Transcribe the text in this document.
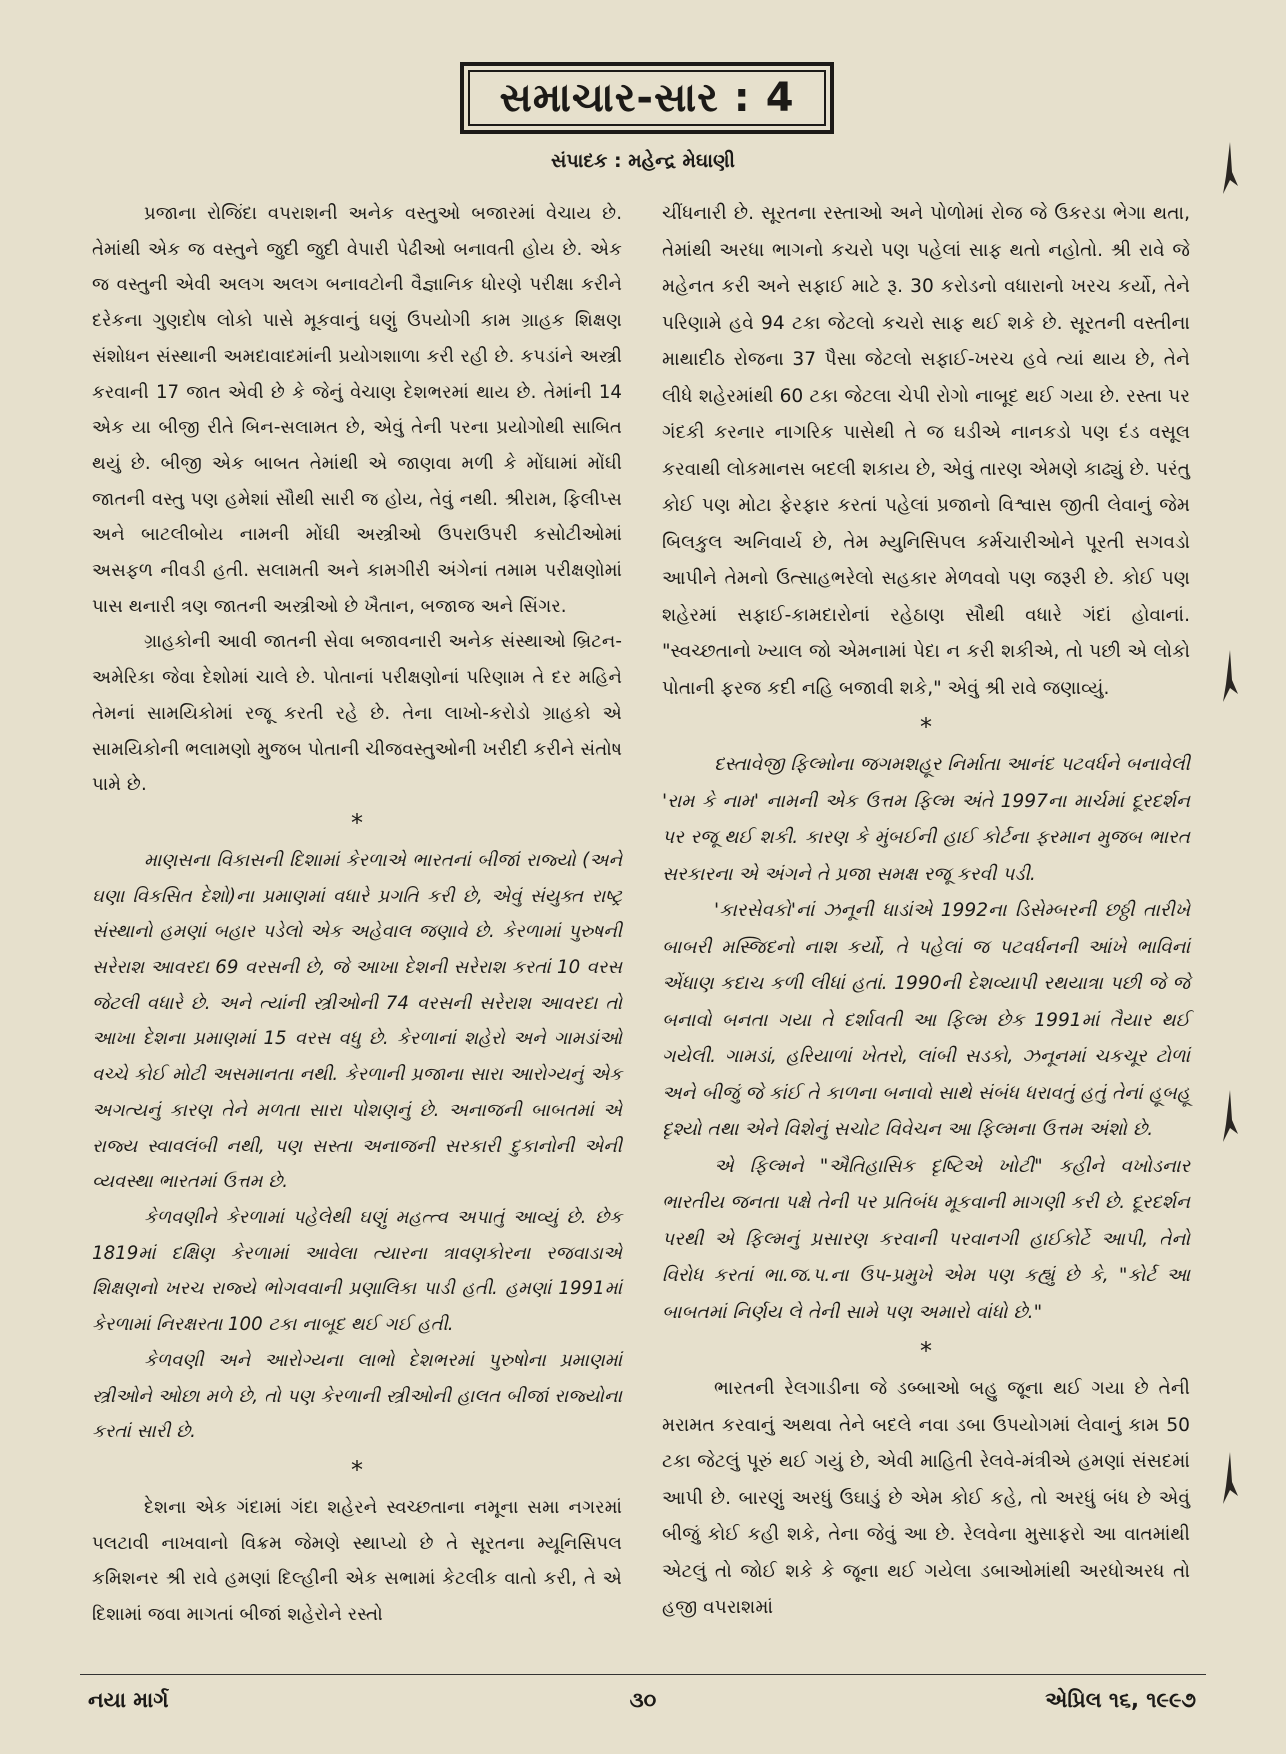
સમાચાર-સાર : 4
સંપાદક : મહેન્દ્ર મેઘાણી

પ્રજાના રોજિંદા વપરાશની અનેક વસ્તુઓ બજારમાં વેચાય છે. તેમાંથી એક જ વસ્તુને જુદી જુદી વેપારી પેઢીઓ બનાવતી હોય છે. એક જ વસ્તુની એવી અલગ અલગ બનાવટોની વૈજ્ઞાનિક ધોરણે પરીક્ષા કરીને દરેકના ગુણદોષ લોકો પાસે મૂકવાનું ઘણું ઉપયોગી કામ ગ્રાહક શિક્ષણ સંશોધન સંસ્થાની અમદાવાદમાંની પ્રયોગશાળા કરી રહી છે. કપડાંને અસ્ત્રી કરવાની 17 જાત એવી છે કે જેનું વેચાણ દેશભરમાં થાય છે. તેમાંની 14 એક યા બીજી રીતે બિન-સલામત છે, એવું તેની પરના પ્રયોગોથી સાબિત થયું છે. બીજી એક બાબત તેમાંથી એ જાણવા મળી કે મોંઘામાં મોંઘી જાતની વસ્તુ પણ હમેશાં સૌથી સારી જ હોય, તેવું નથી. શ્રીરામ, ફિલીપ્સ અને બાટલીબોય નામની મોંઘી અસ્ત્રીઓ ઉપરાઉપરી કસોટીઓમાં અસફળ નીવડી હતી. સલામતી અને કામગીરી અંગેનાં તમામ પરીક્ષણોમાં પાસ થનારી ત્રણ જાતની અસ્ત્રીઓ છે ખૈતાન, બજાજ અને સિંગર.

ગ્રાહકોની આવી જાતની સેવા બજાવનારી અનેક સંસ્થાઓ બ્રિટન-અમેરિકા જેવા દેશોમાં ચાલે છે. પોતાનાં પરીક્ષણોનાં પરિણામ તે દર મહિને તેમનાં સામયિકોમાં રજૂ કરતી રહે છે. તેના લાખો-કરોડો ગ્રાહકો એ સામયિકોની ભલામણો મુજબ પોતાની ચીજવસ્તુઓની ખરીદી કરીને સંતોષ પામે છે.

*

માણસના વિકાસની દિશામાં કેરળાએ ભારતનાં બીજાં રાજ્યો (અને ઘણા વિકસિત દેશો)ના પ્રમાણમાં વધારે પ્રગતિ કરી છે, એવું સંયુક્ત રાષ્ટ્ર સંસ્થાનો હમણાં બહાર પડેલો એક અહેવાલ જણાવે છે. કેરળામાં પુરુષની સરેરાશ આવરદા 69 વરસની છે, જે આખા દેશની સરેરાશ કરતાં 10 વરસ જેટલી વધારે છે. અને ત્યાંની સ્ત્રીઓની 74 વરસની સરેરાશ આવરદા તો આખા દેશના પ્રમાણમાં 15 વરસ વધુ છે. કેરળાનાં શહેરો અને ગામડાંઓ વચ્ચે કોઈ મોટી અસમાનતા નથી. કેરળાની પ્રજાના સારા આરોગ્યનું એક અગત્યનું કારણ તેને મળતા સારા પોશણનું છે. અનાજની બાબતમાં એ રાજ્ય સ્વાવલંબી નથી, પણ સસ્તા અનાજની સરકારી દુકાનોની એની વ્યવસ્થા ભારતમાં ઉત્તમ છે.

કેળવણીને કેરળામાં પહેલેથી ઘણું મહત્ત્વ અપાતું આવ્યું છે. છેક 1819માં દક્ષિણ કેરળામાં આવેલા ત્યારના ત્રાવણકોરના રજવાડાએ શિક્ષણનો ખરચ રાજ્યે ભોગવવાની પ્રણાલિકા પાડી હતી. હમણાં 1991માં કેરળામાં નિરક્ષરતા 100 ટકા નાબૂદ થઈ ગઈ હતી.

કેળવણી અને આરોગ્યના લાભો દેશભરમાં પુરુષોના પ્રમાણમાં સ્ત્રીઓને ઓછા મળે છે, તો પણ કેરળાની સ્ત્રીઓની હાલત બીજાં રાજ્યોના કરતાં સારી છે.

*

દેશના એક ગંદામાં ગંદા શહેરને સ્વચ્છતાના નમૂના સમા નગરમાં પલટાવી નાખવાનો વિક્રમ જેમણે સ્થાપ્યો છે તે સૂરતના મ્યૂનિસિપલ કમિશનર શ્રી રાવે હમણાં દિલ્હીની એક સભામાં કેટલીક વાતો કરી, તે એ દિશામાં જવા માગતાં બીજાં શહેરોને રસ્તો

ચીંધનારી છે. સૂરતના રસ્તાઓ અને પોળોમાં રોજ જે ઉકરડા ભેગા થતા, તેમાંથી અરધા ભાગનો કચરો પણ પહેલાં સાફ થતો નહોતો. શ્રી રાવે જે મહેનત કરી અને સફાઈ માટે રૂ. 30 કરોડનો વધારાનો ખરચ કર્યો, તેને પરિણામે હવે 94 ટકા જેટલો કચરો સાફ થઈ શકે છે. સૂરતની વસ્તીના માથાદીઠ રોજના 37 પૈસા જેટલો સફાઈ-ખરચ હવે ત્યાં થાય છે, તેને લીધે શહેરમાંથી 60 ટકા જેટલા ચેપી રોગો નાબૂદ થઈ ગયા છે. રસ્તા પર ગંદકી કરનાર નાગરિક પાસેથી તે જ ઘડીએ નાનકડો પણ દંડ વસૂલ કરવાથી લોકમાનસ બદલી શકાય છે, એવું તારણ એમણે કાઢ્યું છે. પરંતુ કોઈ પણ મોટા ફેરફાર કરતાં પહેલાં પ્રજાનો વિશ્વાસ જીતી લેવાનું જેમ બિલકુલ અનિવાર્ય છે, તેમ મ્યુનિસિપલ કર્મચારીઓને પૂરતી સગવડો આપીને તેમનો ઉત્સાહભરેલો સહકાર મેળવવો પણ જરૂરી છે. કોઈ પણ શહેરમાં સફાઈ-કામદારોનાં રહેઠાણ સૌથી વધારે ગંદાં હોવાનાં. "સ્વચ્છતાનો ખ્યાલ જો એમનામાં પેદા ન કરી શકીએ, તો પછી એ લોકો પોતાની ફરજ કદી નહિ બજાવી શકે," એવું શ્રી રાવે જણાવ્યું.

*

દસ્તાવેજી ફિલ્મોના જગમશહૂર નિર્માતા આનંદ પટવર્ધને બનાવેલી 'રામ કે નામ' નામની એક ઉત્તમ ફિલ્મ અંતે 1997ના માર્ચમાં દૂરદર્શન પર રજૂ થઈ શકી. કારણ કે મુંબઈની હાઈ કોર્ટના ફરમાન મુજબ ભારત સરકારના એ અંગને તે પ્રજા સમક્ષ રજૂ કરવી પડી.

'કારસેવકો'નાં ઝનૂની ધાડાંએ 1992ના ડિસેમ્બરની છઠ્ઠી તારીખે બાબરી મસ્જિદનો નાશ કર્યો, તે પહેલાં જ પટવર્ધનની આંખે ભાવિનાં એંધાણ કદાચ કળી લીધાં હતાં. 1990ની દેશવ્યાપી રથયાત્રા પછી જે જે બનાવો બનતા ગયા તે દર્શાવતી આ ફિલ્મ છેક 1991માં તૈયાર થઈ ગયેલી. ગામડાં, હરિયાળાં ખેતરો, લાંબી સડકો, ઝનૂનમાં ચકચૂર ટોળાં અને બીજું જે કાંઈ તે કાળના બનાવો સાથે સંબંધ ધરાવતું હતું તેનાં હૂબહૂ દૃશ્યો તથા એને વિશેનું સચોટ વિવેચન આ ફિલ્મના ઉત્તમ અંશો છે.

એ ફિલ્મને "ઐતિહાસિક દૃષ્ટિએ ખોટી" કહીને વખોડનાર ભારતીય જનતા પક્ષે તેની પર પ્રતિબંધ મૂકવાની માગણી કરી છે. દૂરદર્શન પરથી એ ફિલ્મનું પ્રસારણ કરવાની પરવાનગી હાઈકોર્ટે આપી, તેનો વિરોધ કરતાં ભા.જ.પ.ના ઉપ-પ્રમુખે એમ પણ કહ્યું છે કે, "કોર્ટ આ બાબતમાં નિર્ણય લે તેની સામે પણ અમારો વાંધો છે."

*

ભારતની રેલગાડીના જે ડબ્બાઓ બહુ જૂના થઈ ગયા છે તેની મરામત કરવાનું અથવા તેને બદલે નવા ડબા ઉપયોગમાં લેવાનું કામ 50 ટકા જેટલું પૂરું થઈ ગયું છે, એવી માહિતી રેલવે-મંત્રીએ હમણાં સંસદમાં આપી છે. બારણું અરધું ઉઘાડું છે એમ કોઈ કહે, તો અરધું બંધ છે એવું બીજું કોઈ કહી શકે, તેના જેવું આ છે. રેલવેના મુસાફરો આ વાતમાંથી એટલું તો જોઈ શકે કે જૂના થઈ ગયેલા ડબાઓમાંથી અરધોઅરધ તો હજી વપરાશમાં

નયા માર્ગ	૩૦	એપ્રિલ ૧૬, ૧૯૯૭
